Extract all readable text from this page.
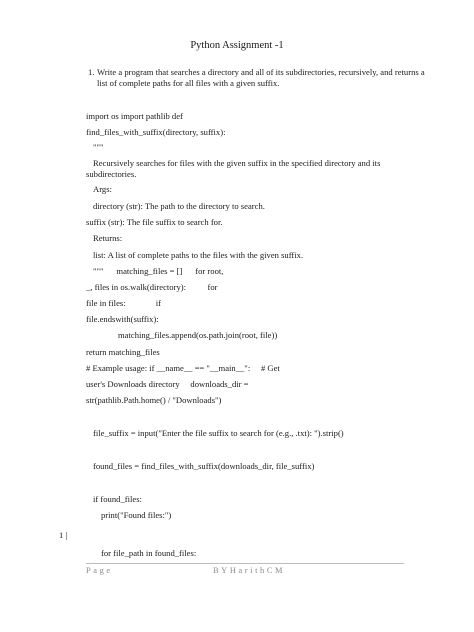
Python Assignment -1
1. Write a program that searches a directory and all of its subdirectories, recursively, and returns a
list of complete paths for all files with a given suffix.
import os import pathlib def
find_files_with_suffix(directory, suffix):
"""
Recursively searches for files with the given suffix in the specified directory and its
subdirectories.
Args:
directory (str): The path to the directory to search.
suffix (str): The file suffix to search for.
Returns:
list: A list of complete paths to the files with the given suffix.
"""      matching_files = []      for root,
_, files in os.walk(directory):          for
file in files:              if
file.endswith(suffix):
matching_files.append(os.path.join(root, file))
return matching_files
# Example usage: if __name__ == "__main__":     # Get
user's Downloads directory     downloads_dir =
str(pathlib.Path.home() / "Downloads")
file_suffix = input("Enter the file suffix to search for (e.g., .txt): ").strip()
found_files = find_files_with_suffix(downloads_dir, file_suffix)
if found_files:
print("Found files:")
for file_path in found_files:
1 |
Page	BYHarithCM
